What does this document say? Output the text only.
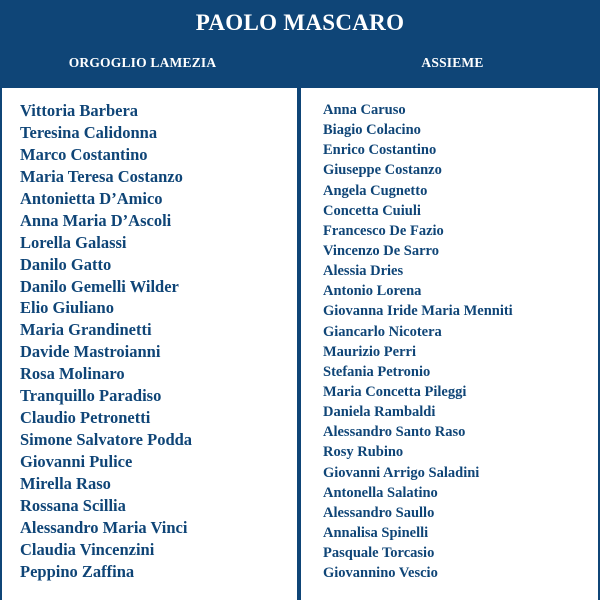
PAOLO MASCARO
ORGOGLIO LAMEZIA	ASSIEME
Vittoria Barbera
Teresina Calidonna
Marco Costantino
Maria Teresa Costanzo
Antonietta D’Amico
Anna Maria D’Ascoli
Lorella Galassi
Danilo Gatto
Danilo Gemelli Wilder
Elio Giuliano
Maria Grandinetti
Davide Mastroianni
Rosa Molinaro
Tranquillo Paradiso
Claudio Petronetti
Simone Salvatore Podda
Giovanni Pulice
Mirella Raso
Rossana Scillia
Alessandro Maria Vinci
Claudia Vincenzini
Peppino Zaffina
Anna Caruso
Biagio Colacino
Enrico Costantino
Giuseppe Costanzo
Angela Cugnetto
Concetta Cuiuli
Francesco De Fazio
Vincenzo De Sarro
Alessia Dries
Antonio Lorena
Giovanna Iride Maria Menniti
Giancarlo Nicotera
Maurizio Perri
Stefania Petronio
Maria Concetta Pileggi
Daniela Rambaldi
Alessandro Santo Raso
Rosy Rubino
Giovanni Arrigo Saladini
Antonella Salatino
Alessandro Saullo
Annalisa Spinelli
Pasquale Torcasio
Giovannino Vescio
